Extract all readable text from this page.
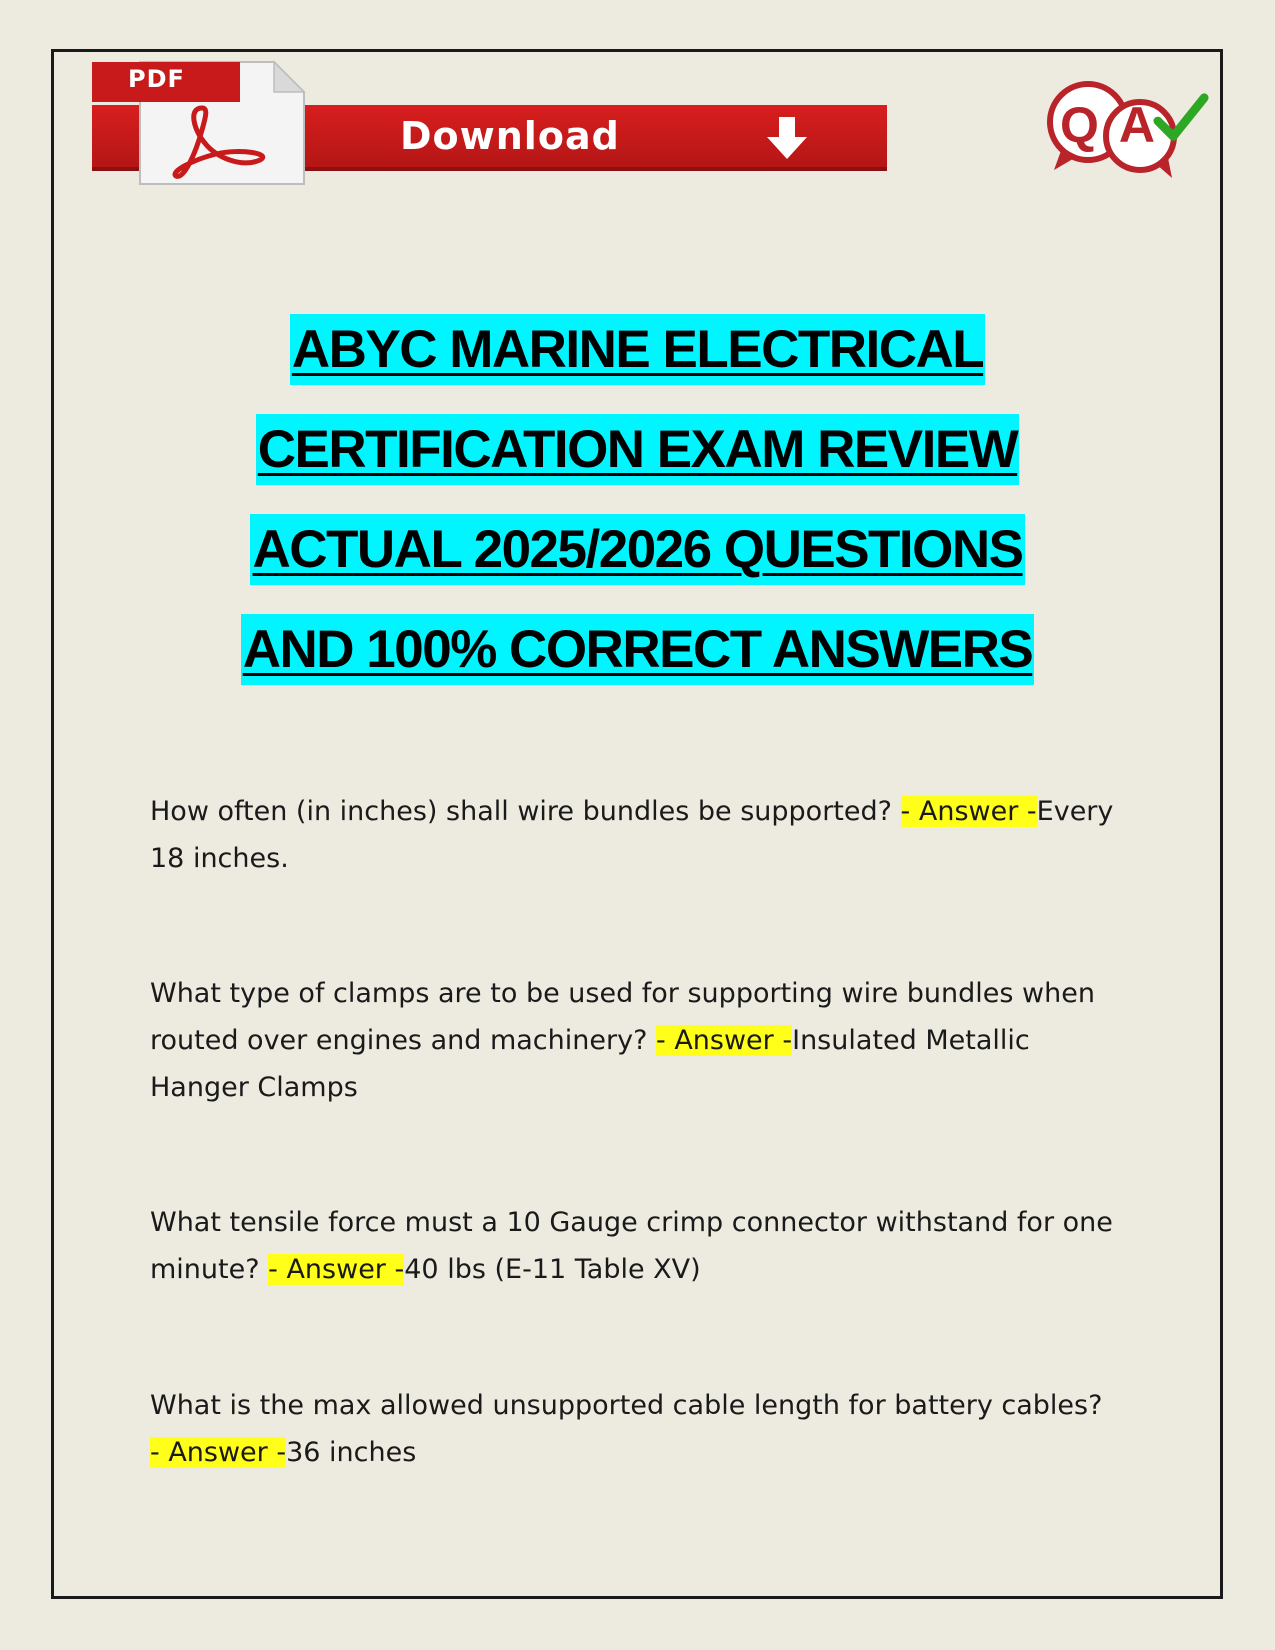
Download
PDF
QA
ABYC MARINE ELECTRICAL
CERTIFICATION EXAM REVIEW
ACTUAL 2025/2026 QUESTIONS
AND 100% CORRECT ANSWERS

How often (in inches) shall wire bundles be supported? - Answer -Every 18 inches.

What type of clamps are to be used for supporting wire bundles when routed over engines and machinery? - Answer -Insulated Metallic Hanger Clamps

What tensile force must a 10 Gauge crimp connector withstand for one minute? - Answer -40 lbs (E-11 Table XV)

What is the max allowed unsupported cable length for battery cables? - Answer -36 inches
